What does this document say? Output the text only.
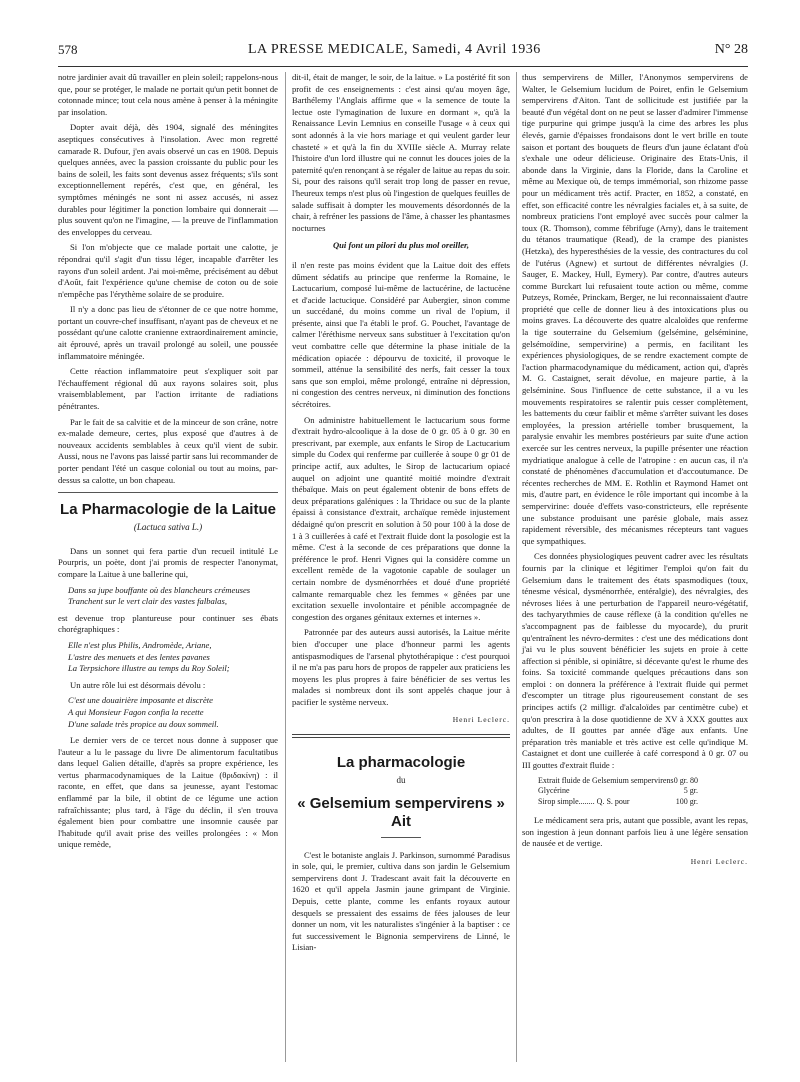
578	LA PRESSE MEDICALE, Samedi, 4 Avril 1936	N° 28

notre jardinier avait dû travailler en plein soleil; rappelons-nous que, pour se protéger, le malade ne portait qu'un petit bonnet de cotonnade mince; tout cela nous amène à penser à la méningite par insolation.

Dopter avait déjà, dès 1904, signalé des méningites aseptiques consécutives à l'insolation. Avec mon regretté camarade R. Dufour, j'en avais observé un cas en 1908. Depuis quelques années, avec la passion croissante du public pour les bains de soleil, les faits sont devenus assez fréquents; s'ils sont exceptionnellement repérés, c'est que, en général, les symptômes méningés ne sont ni assez accusés, ni assez durables pour légitimer la ponction lombaire qui donnerait — plus souvent qu'on ne l'imagine, — la preuve de l'inflammation des enveloppes du cerveau.

Si l'on m'objecte que ce malade portait une calotte, je répondrai qu'il s'agit d'un tissu léger, incapable d'arrêter les rayons d'un soleil ardent. J'ai moi-même, précisément au début d'Août, fait l'expérience qu'une chemise de coton ou de soie n'empêche pas l'érythème solaire de se produire.

Il n'y a donc pas lieu de s'étonner de ce que notre homme, portant un couvre-chef insuffisant, n'ayant pas de cheveux et ne possédant qu'une calotte cranienne extraordinairement amincie, ait éprouvé, après un travail prolongé au soleil, une poussée inflammatoire méningée.

Cette réaction inflammatoire peut s'expliquer soit par l'échauffement régional dû aux rayons solaires soit, plus vraisemblablement, par l'action irritante de radiations pénétrantes.

Par le fait de sa calvitie et de la minceur de son crâne, notre ex-malade demeure, certes, plus exposé que d'autres à de nouveaux accidents semblables à ceux qu'il vient de subir. Aussi, nous ne l'avons pas laissé partir sans lui recommander de porter pendant l'été un casque colonial ou tout au moins, par-dessus sa calotte, un bon chapeau.

La Pharmacologie de la Laitue
(Lactuca sativa L.)

Dans un sonnet qui fera partie d'un recueil intitulé Le Pourpris, un poète, dont j'ai promis de respecter l'anonymat, compare la Laitue à une ballerine qui,

Dans sa jupe bouffante où des blancheurs crémeuses
Tranchent sur le vert clair des vastes falbalas,

est devenue trop planturеuse pour continuer ses ébats chorégraphiques :

Elle n'est plus Philis, Andromède, Ariane,
L'astre des menuets et des lentes pavanes
La Terpsichore illustre au temps du Roy Soleil;

Un autre rôle lui est désormais dévolu :

C'est une douairière imposante et discrète
A qui Monsieur Fagon confia la recette
D'une salade très propice au doux sommeil.

Le dernier vers de ce tercet nous donne à supposer que l'auteur a lu le passage du livre De alimentorum facultatibus dans lequel Galien détaille, d'après sa propre expérience, les vertus pharmacodynamiques de la Laitue (θριδακίνη) : il raconte, en effet, que dans sa jeunesse, ayant l'estomac enflammé par la bile, il obtint de ce légume une action rafraîchissante; plus tard, à l'âge du déclin, il s'en trouva également bien pour combattre une insomnie causée par l'habitude qu'il avait prise des veilles prolongées : « Mon unique remède,

dit-il, était de manger, le soir, de la laitue. » La postérité fit son profit de ces enseignements : c'est ainsi qu'au moyen âge, Barthélemy l'Anglais affirme que « la semence de toute la lectue oste l'ymagination de luxure en dormant », qu'à la Renaissance Levin Lemnius en conseille l'usage « à ceux qui sont adonnés à la vie hors mariage et qui veulent garder leur chasteté » et qu'à la fin du XVIIIe siècle A. Murray relate l'histoire d'un lord illustre qui ne connut les douces joies de la paternité qu'en renonçant à se régaler de laitue au repas du soir. Si, pour des raisons qu'il serait trop long de passer en revue, l'heureux temps n'est plus où l'ingestion de quelques feuilles de salade suffisait à dompter les mouvements désordonnés de la chair, à refréner les passions de l'âme, à chasser les phantasmes nocturnes

Qui font un pilori du plus mol oreiller,

il n'en reste pas moins évident que la Laitue doit des effets dûment sédatifs au principe que renferme la Romaine, le Lactucarium, composé lui-même de lactucérine, de lactucène et d'acide lactucique. Considéré par Aubergier, sinon comme un succédané, du moins comme un rival de l'opium, il présente, ainsi que l'a établi le prof. G. Pouchet, l'avantage de calmer l'éréthisme nerveux sans substituer à l'excitation qu'on veut combattre celle que détermine la phase initiale de la médication opiacée : dépourvu de toxicité, il provoque le sommeil, atténue la sensibilité des nerfs, fait cesser la toux sans que son emploi, même prolongé, entraîne ni dépression, ni congestion des centres nerveux, ni diminution des fonctions sécrétoires.

On administre habituellement le lactucarium sous forme d'extrait hydro-alcoolique à la dose de 0 gr. 05 à 0 gr. 30 en prescrivant, par exemple, aux enfants le Sirop de Lactucarium simple du Codex qui renferme par cuillerée à soupe 0 gr 01 de principe actif, aux adultes, le Sirop de lactucarium opiacé auquel on adjoint une quantité moitié moindre d'extrait thébaïque. Mais on peut également obtenir de bons effets de deux préparations galéniques : la Thridace ou suc de la plante épaissi à consistance d'extrait, archaïque remède injustement dédaigné qu'on prescrit en solution à 50 pour 100 à la dose de 1 à 3 cuillerées à café et l'extrait fluide dont la posologie est la même. C'est à la seconde de ces préparations que donne la préférence le prof. Henri Vignes qui la considère comme un excellent remède de la vagotonie capable de soulager un certain nombre de dysménorrhées et doué d'une propriété calmante remarquable chez les femmes « gênées par une excitation sexuelle involontaire et pénible accompagnée de congestion des organes génitaux externes et internes ».

Patronnée par des auteurs aussi autorisés, la Laitue mérite bien d'occuper une place d'honneur parmi les agents antispasmodiques de l'arsenal phytothérapique : c'est pourquoi il ne m'a pas paru hors de propos de rappeler aux praticiens les moyens les plus propres à faire bénéficier de ses vertus les malades si nombreux dont ils sont appelés chaque jour à pacifier le système nerveux.

Henri Leclerc.
La pharmacologie
du
« Gelsemium sempervirens » Ait

C'est le botaniste anglais J. Parkinson, surnommé Paradisus in sole, qui, le premier, cultiva dans son jardin le Gelsemium sempervirens dont J. Tradescant avait fait la découverte en 1620 et qu'il appela Jasmin jaune grimpant de Virginie. Depuis, cette plante, comme les enfants royaux autour desquels se pressaient des essaims de fées jalouses de leur donner un nom, vit les naturalistes s'ingénier à la baptiser : ce fut successivement le Bignonia sempervirens de Linné, le Lisian-

thus sempervirens de Miller, l'Anonymos sempervirens de Walter, le Gelsemium lucidum de Poiret, enfin le Gelsemium sempervirens d'Aiton. Tant de sollicitude est justifiée par la beauté d'un végétal dont on ne peut se lasser d'admirer l'immense tige purpurine qui grimpe jusqu'à la cime des arbres les plus élevés, garnie d'épaisses frondaisons dont le vert brille en toute saison et portant des bouquets de fleurs d'un jaune éclatant d'où s'exhale une odeur délicieuse. Originaire des Etats-Unis, il abonde dans la Virginie, dans la Floride, dans la Caroline et même au Mexique où, de temps immémorial, son rhizome passe pour un médicament très actif. Practer, en 1852, a constaté, en effet, son efficacité contre les névralgies faciales et, à sa suite, de nombreux praticiens l'ont employé avec succès pour calmer la toux (R. Thomson), comme fébrifuge (Arny), dans le traitement du tétanos traumatique (Read), de la crampe des pianistes (Hetzka), des hyperesthésies de la vessie, des contractures du col de l'utérus (Agnew) et surtout de différentes névralgies (J. Sauger, E. Mackey, Hull, Eymery). Par contre, d'autres auteurs comme Burckart lui refusaient toute action ou même, comme Putzeys, Romée, Princkam, Berger, ne lui reconnaissaient d'autre propriété que celle de donner lieu à des intoxications plus ou moins graves. La découverte des quatre alcaloïdes que renferme la tige souterraine du Gelsemium (gelsémine, gelséminine, gelsémoïdine, sempervirine) a permis, en facilitant les expériences physiologiques, de se rendre exactement compte de l'action pharmacodynamique du médicament, action qui, d'après M. G. Castaignet, serait dévolue, en majeure partie, à la gelséminine. Sous l'influence de cette substance, il a vu les mouvements respiratoires se ralentir puis cesser complètement, les battements du cœur faiblir et même s'arrêter suivant les doses employées, la pression artérielle tomber brusquement, la paralysie envahir les membres postérieurs par suite d'une action exercée sur les centres nerveux, la pupille présenter une réaction mydriatique analogue à celle de l'atropine : en aucun cas, il n'a constaté de phénomènes d'accumulation et d'accoutumance. De récentes recherches de MM. E. Rothlin et Raymond Hamet ont mis, d'autre part, en évidence le rôle important qui incombe à la sempervirine: douée d'effets vaso-constricteurs, elle représente une substance produisant une parésie globale, mais assez rapidement réversible, des mécanismes récepteurs tant vagues que sympathiques.

Ces données physiologiques peuvent cadrer avec les résultats fournis par la clinique et légitimer l'emploi qu'on fait du Gelsemium dans le traitement des états spasmodiques (toux, ténesme vésical, dysménorrhée, entéralgie), des névralgies, des névroses liées à une perturbation de l'appareil neuro-végétatif, des tachyarythmies de cause réflexe (à la condition qu'elles ne s'accompagnent pas de faiblesse du myocarde), du prurit qu'entraînent les névro-dermites : c'est une des médications dont j'ai vu le plus souvent bénéficier les sujets en proie à cette affection si pénible, si opiniâtre, si décevante qu'est le rhume des foins. Sa toxicité commande quelques précautions dans son emploi : on donnera la préférence à l'extrait fluide qui permet d'escompter un titrage plus rigoureusement constant de ses principes actifs (2 milligr. d'alcaloïdes par centimètre cube) et qu'on prescrira à la dose quotidienne de XV à XXX gouttes aux adultes, de II gouttes par année d'âge aux enfants. Une préparation très maniable et très active est celle qu'indique M. Castaignet et dont une cuillerée à café correspond à 0 gr. 07 ou III gouttes d'extrait fluide :

Extrait fluide de Gelsemium sempervirens 0 gr. 80
Glycérine	5 gr.
Sirop simple........ Q. S. pour	100 gr.

Le médicament sera pris, autant que possible, avant les repas, son ingestion à jeun donnant parfois lieu à une légère sensation de nausée et de vertige.

Henri Leclerc.
